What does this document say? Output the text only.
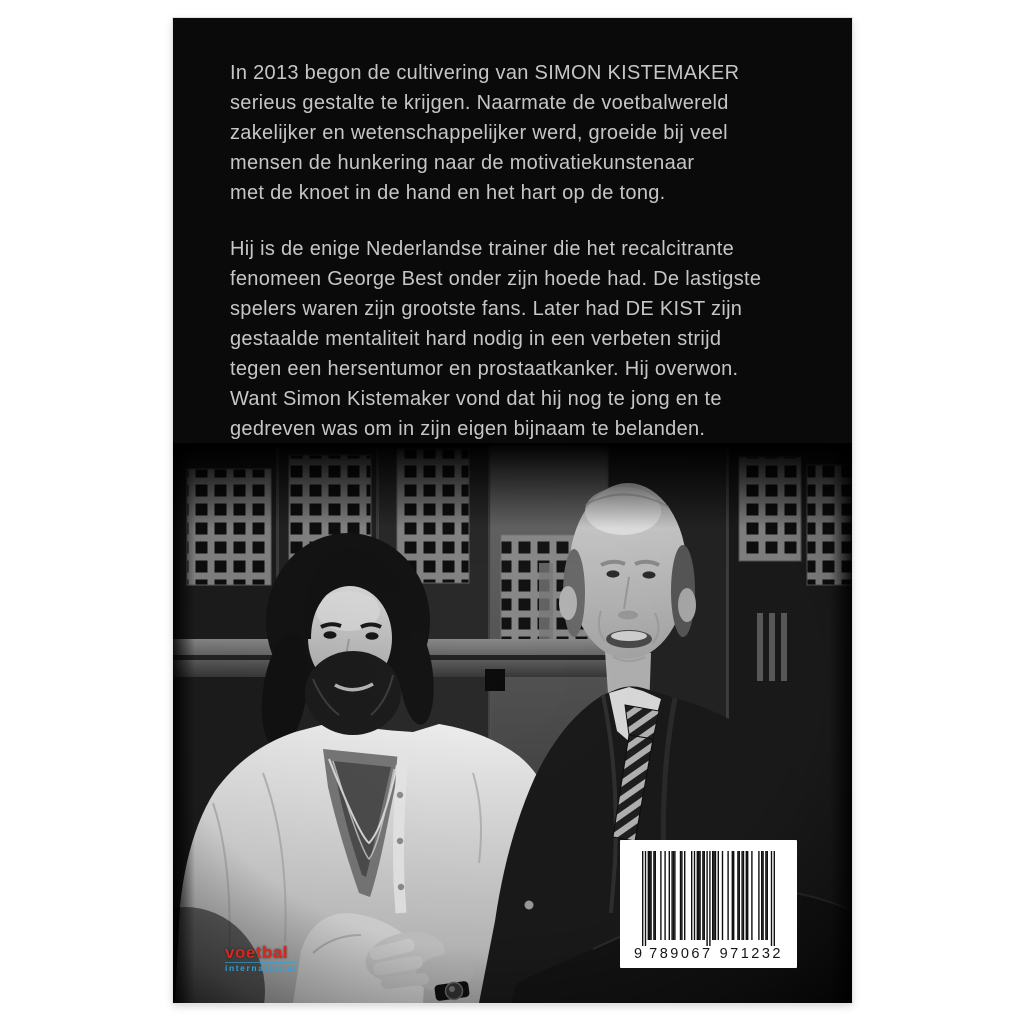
In 2013 begon de cultivering van SIMON KISTEMAKER
serieus gestalte te krijgen. Naarmate de voetbalwereld
zakelijker en wetenschappelijker werd, groeide bij veel
mensen de hunkering naar de motivatiekunstenaar
met de knoet in de hand en het hart op de tong.

Hij is de enige Nederlandse trainer die het recalcitrante
fenomeen George Best onder zijn hoede had. De lastigste
spelers waren zijn grootste fans. Later had DE KIST zijn
gestaalde mentaliteit hard nodig in een verbeten strijd
tegen een hersentumor en prostaatkanker. Hij overwon.
Want Simon Kistemaker vond dat hij nog te jong en te
gedreven was om in zijn eigen bijnaam te belanden.

voetbal
international
9 789067 971232
